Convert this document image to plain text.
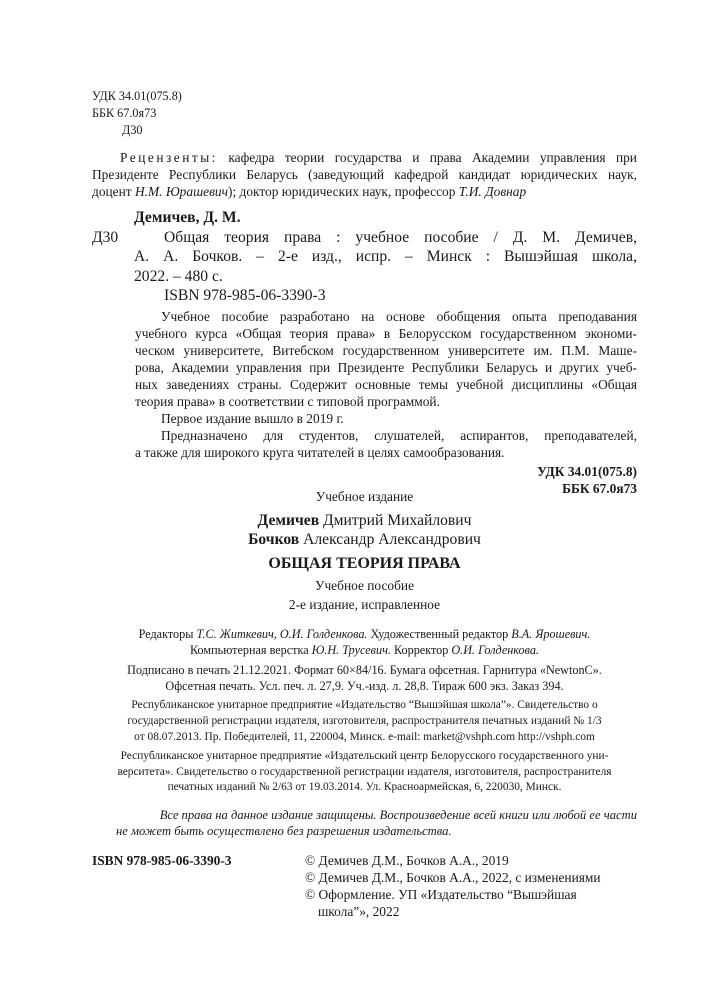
УДК 34.01(075.8)
ББК 67.0я73
Д30
Рецензенты: кафедра теории государства и права Академии управления при
Президенте Республики Беларусь (заведующий кафедрой кандидат юридических наук,
доцент Н.М. Юрашевич); доктор юридических наук, профессор Т.И. Довнар
Демичев, Д. М.
Д30	Общая теория права : учебное пособие / Д. М. Демичев,
А. А. Бочков. – 2-е изд., испр. – Минск : Вышэйшая школа,
2022. – 480 с.
ISBN 978-985-06-3390-3
Учебное пособие разработано на основе обобщения опыта преподавания
учебного курса «Общая теория права» в Белорусском государственном экономи-
ческом университете, Витебском государственном университете им. П.М. Маше-
рова, Академии управления при Президенте Республики Беларусь и других учеб-
ных заведениях страны. Содержит основные темы учебной дисциплины «Общая
теория права» в соответствии с типовой программой.
Первое издание вышло в 2019 г.
Предназначено для студентов, слушателей, аспирантов, преподавателей,
а также для широкого круга читателей в целях самообразования.
УДК 34.01(075.8)
ББК 67.0я73
Учебное издание
Демичев Дмитрий Михайлович
Бочков Александр Александрович
ОБЩАЯ ТЕОРИЯ ПРАВА
Учебное пособие
2-е издание, исправленное
Редакторы Т.С. Житкевич, О.И. Голденкова. Художественный редактор В.А. Ярошевич.
Компьютерная верстка Ю.Н. Трусевич. Корректор О.И. Голденкова.
Подписано в печать 21.12.2021. Формат 60×84/16. Бумага офсетная. Гарнитура «NewtonC».
Офсетная печать. Усл. печ. л. 27,9. Уч.-изд. л. 28,8. Тираж 600 экз. Заказ 394.
Республиканское унитарное предприятие «Издательство “Вышэйшая школа”». Свидетельство о
государственной регистрации издателя, изготовителя, распространителя печатных изданий № 1/3
от 08.07.2013. Пр. Победителей, 11, 220004, Минск. e-mail: market@vshph.com http://vshph.com
Республиканское унитарное предприятие «Издательский центр Белорусского государственного уни-
верситета». Свидетельство о государственной регистрации издателя, изготовителя, распространителя
печатных изданий № 2/63 от 19.03.2014. Ул. Красноармейская, 6, 220030, Минск.
Все права на данное издание защищены. Воспроизведение всей книги или любой ее части
не может быть осуществлено без разрешения издательства.
ISBN 978-985-06-3390-3	© Демичев Д.М., Бочков А.А., 2019
© Демичев Д.М., Бочков А.А., 2022, с изменениями
© Оформление. УП «Издательство “Вышэйшая
школа”», 2022
